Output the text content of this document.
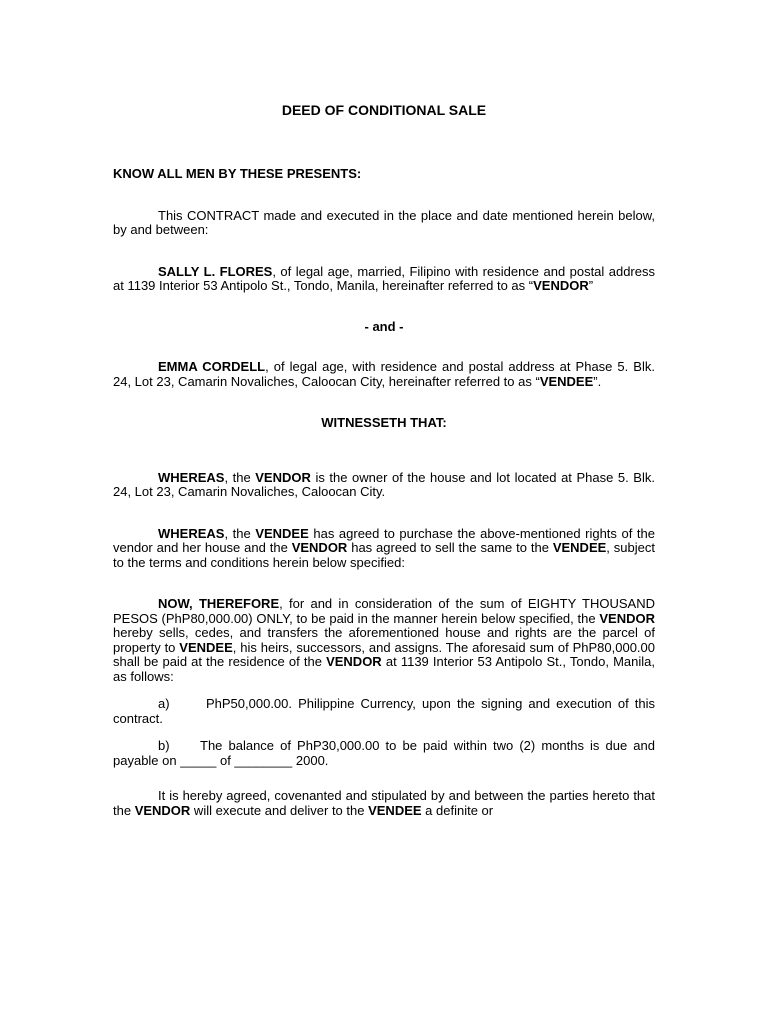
DEED OF CONDITIONAL SALE

KNOW ALL MEN BY THESE PRESENTS:

This CONTRACT made and executed in the place and date mentioned herein below, by and between:

SALLY L. FLORES, of legal age, married, Filipino with residence and postal address at 1139 Interior 53 Antipolo St., Tondo, Manila, hereinafter referred to as “VENDOR”

- and -

EMMA CORDELL, of legal age, with residence and postal address at Phase 5. Blk. 24, Lot 23, Camarin Novaliches, Caloocan City, hereinafter referred to as “VENDEE”.

WITNESSETH THAT:

WHEREAS, the VENDOR is the owner of the house and lot located at Phase 5. Blk. 24, Lot 23, Camarin Novaliches, Caloocan City.

WHEREAS, the VENDEE has agreed to purchase the above-mentioned rights of the vendor and her house and the VENDOR has agreed to sell the same to the VENDEE, subject to the terms and conditions herein below specified:

NOW, THEREFORE, for and in consideration of the sum of EIGHTY THOUSAND PESOS (PhP80,000.00) ONLY, to be paid in the manner herein below specified, the VENDOR hereby sells, cedes, and transfers the aforementioned house and rights are the parcel of property to VENDEE, his heirs, successors, and assigns. The aforesaid sum of PhP80,000.00 shall be paid at the residence of the VENDOR at 1139 Interior 53 Antipolo St., Tondo, Manila, as follows:

a)      PhP50,000.00. Philippine Currency, upon the signing and execution of this contract.

b)     The balance of PhP30,000.00 to be paid within two (2) months is due and payable on _____ of ________ 2000.

It is hereby agreed, covenanted and stipulated by and between the parties hereto that the VENDOR will execute and deliver to the VENDEE a definite or
